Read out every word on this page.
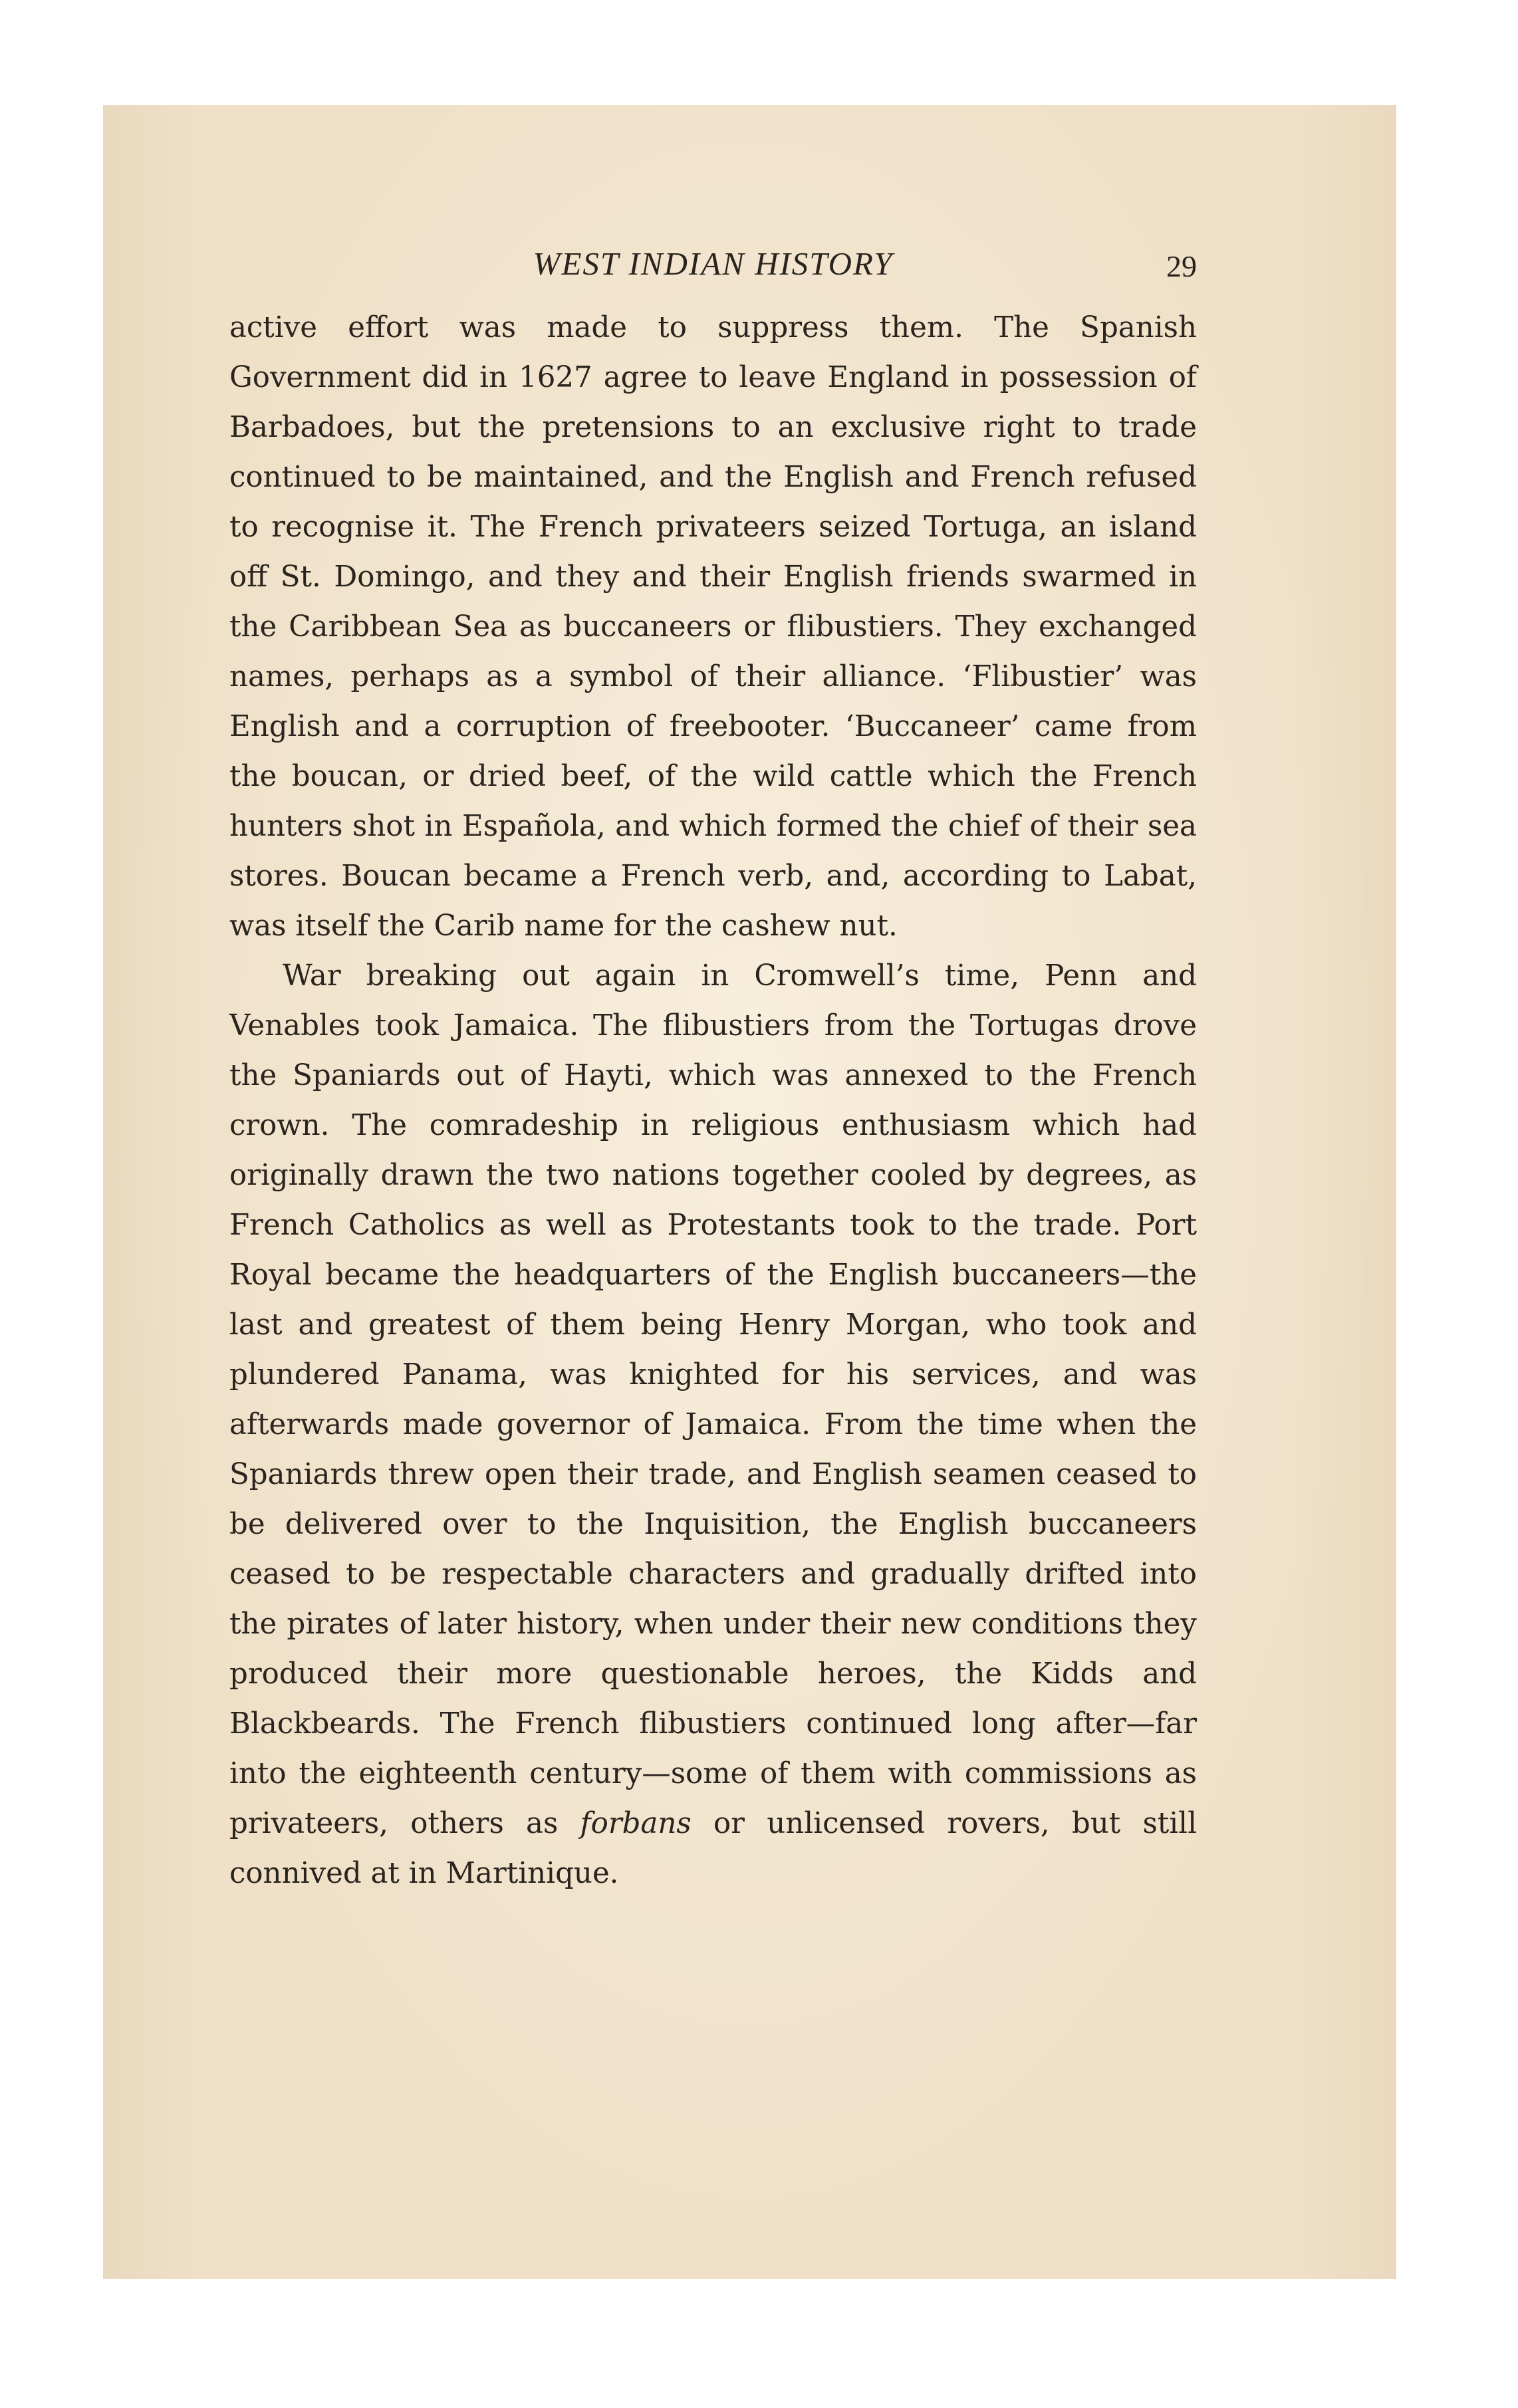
WEST INDIAN HISTORY	29

active effort was made to suppress them. The Spanish Government did in 1627 agree to leave England in possession of Barbadoes, but the pretensions to an exclusive right to trade continued to be maintained, and the English and French refused to recognise it. The French privateers seized Tortuga, an island off St. Domingo, and they and their English friends swarmed in the Caribbean Sea as buccaneers or flibustiers. They exchanged names, perhaps as a symbol of their alliance. ‘Flibustier’ was English and a corruption of freebooter. ‘Buccaneer’ came from the boucan, or dried beef, of the wild cattle which the French hunters shot in Española, and which formed the chief of their sea stores. Boucan became a French verb, and, according to Labat, was itself the Carib name for the cashew nut.

War breaking out again in Cromwell’s time, Penn and Venables took Jamaica. The flibustiers from the Tortugas drove the Spaniards out of Hayti, which was annexed to the French crown. The comradeship in religious enthusiasm which had originally drawn the two nations together cooled by degrees, as French Catholics as well as Protestants took to the trade. Port Royal became the headquarters of the English buccaneers—the last and greatest of them being Henry Morgan, who took and plundered Panama, was knighted for his services, and was afterwards made governor of Jamaica. From the time when the Spaniards threw open their trade, and English seamen ceased to be delivered over to the Inquisition, the English buccaneers ceased to be respectable characters and gradually drifted into the pirates of later history, when under their new conditions they produced their more questionable heroes, the Kidds and Blackbeards. The French flibustiers continued long after—far into the eighteenth century—some of them with commissions as privateers, others as forbans or unlicensed rovers, but still connived at in Martinique.
